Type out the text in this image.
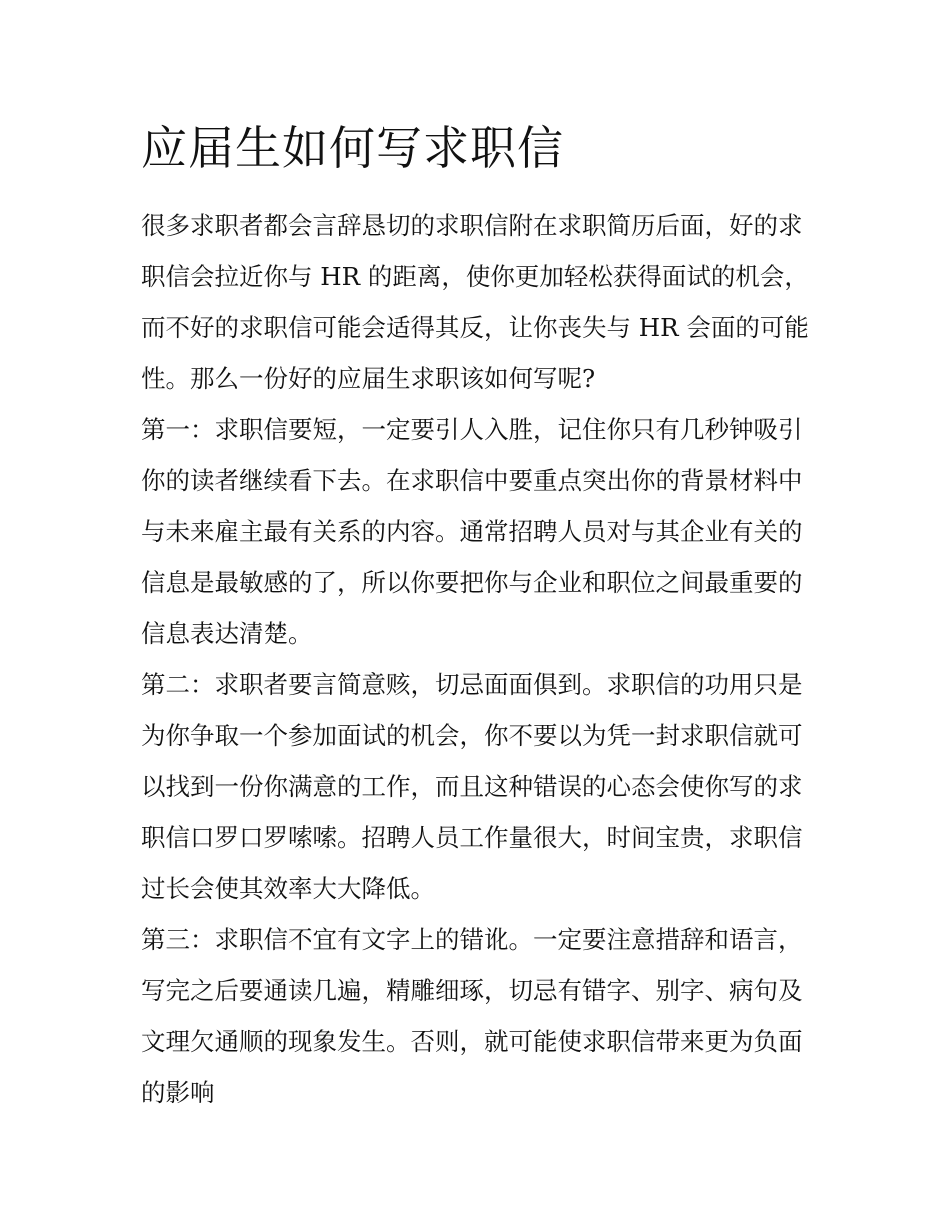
应届生如何写求职信

很多求职者都会言辞恳切的求职信附在求职简历后面，好的求
职信会拉近你与 HR 的距离，使你更加轻松获得面试的机会，
而不好的求职信可能会适得其反，让你丧失与 HR 会面的可能
性。那么一份好的应届生求职该如何写呢?

第一：求职信要短，一定要引人入胜，记住你只有几秒钟吸引
你的读者继续看下去。在求职信中要重点突出你的背景材料中
与未来雇主最有关系的内容。通常招聘人员对与其企业有关的
信息是最敏感的了，所以你要把你与企业和职位之间最重要的
信息表达清楚。

第二：求职者要言简意赅，切忌面面俱到。求职信的功用只是
为你争取一个参加面试的机会，你不要以为凭一封求职信就可
以找到一份你满意的工作，而且这种错误的心态会使你写的求
职信口罗口罗嗦嗦。招聘人员工作量很大，时间宝贵，求职信
过长会使其效率大大降低。

第三：求职信不宜有文字上的错讹。一定要注意措辞和语言，
写完之后要通读几遍，精雕细琢，切忌有错字、别字、病句及
文理欠通顺的现象发生。否则，就可能使求职信带来更为负面
的影响
